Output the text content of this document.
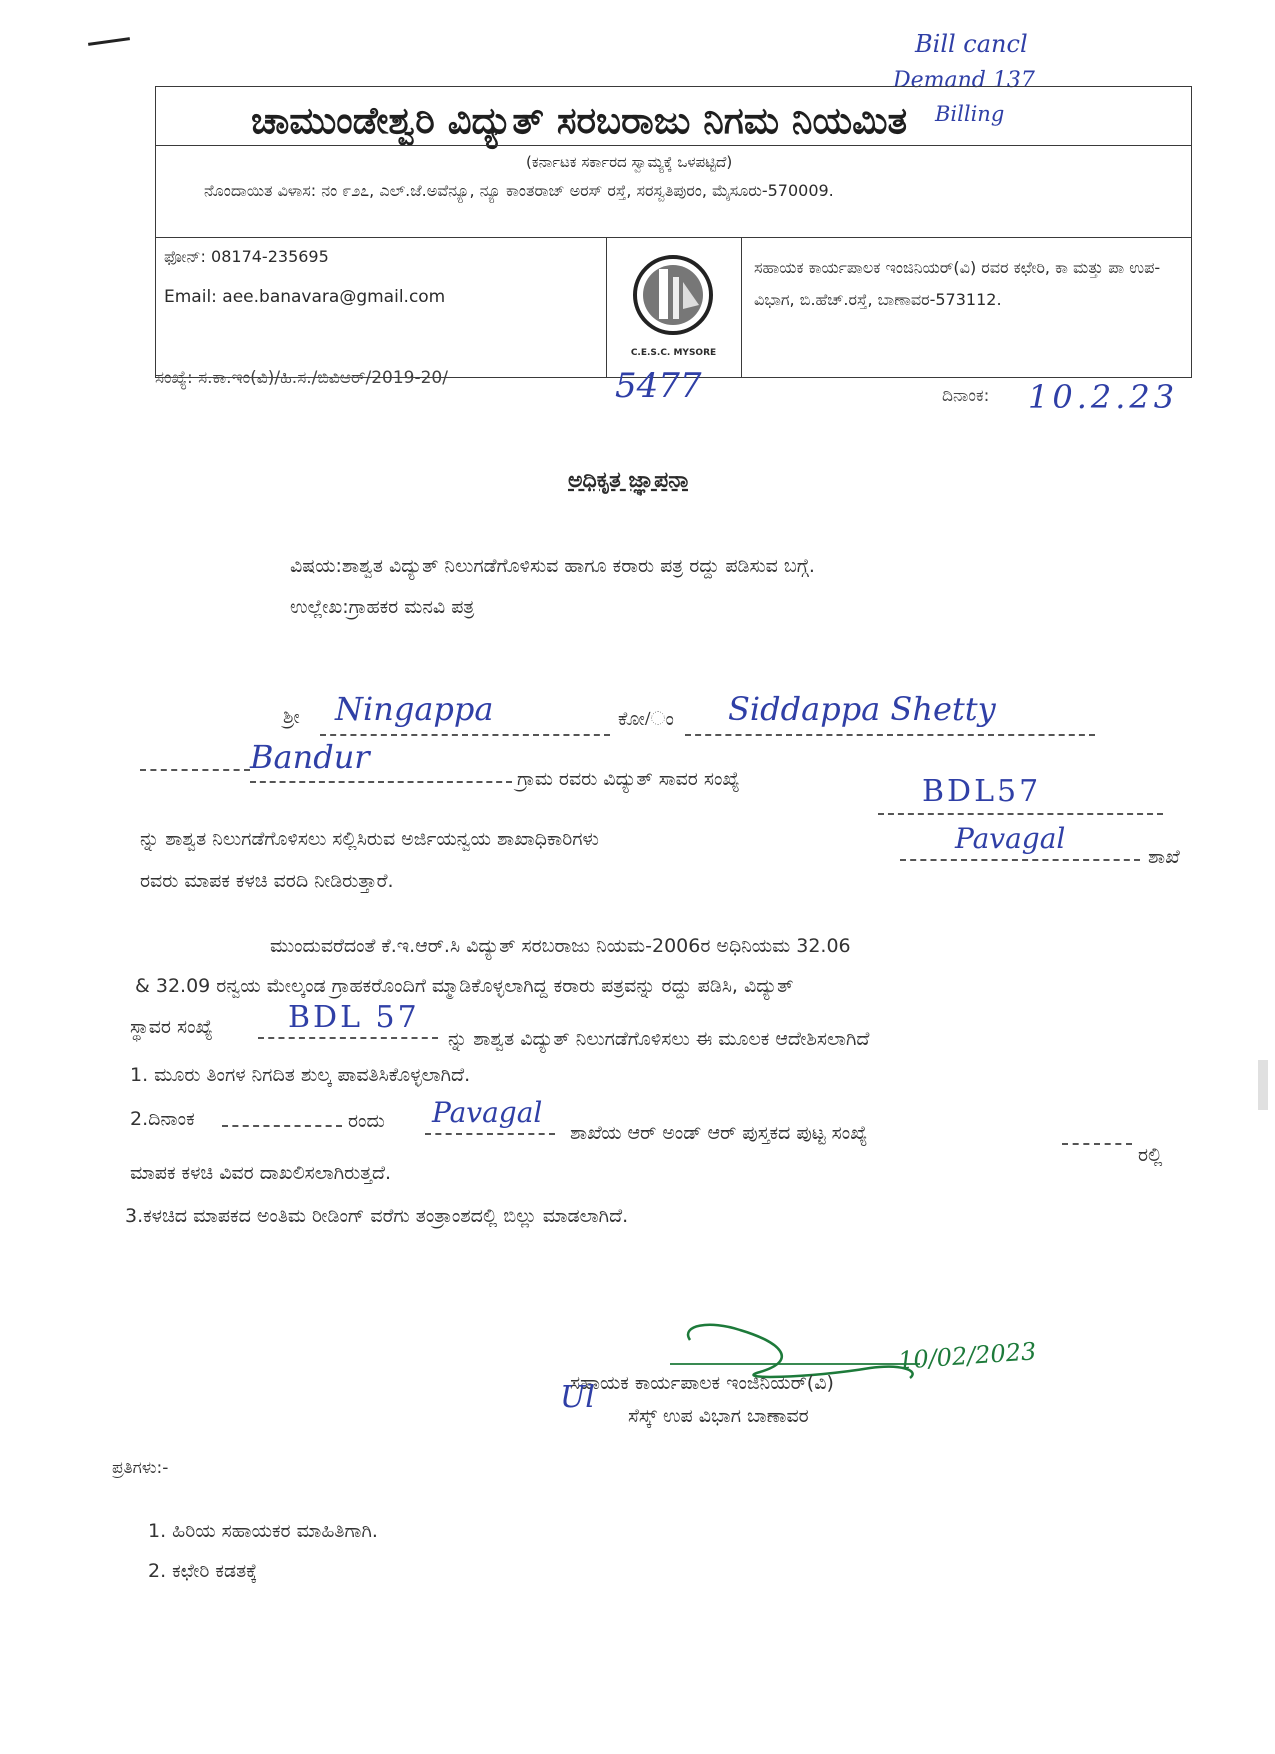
Bill cancl
Demand 137
Billing
ಚಾಮುಂಡೇಶ್ವರಿ ವಿದ್ಯುತ್ ಸರಬರಾಜು ನಿಗಮ ನಿಯಮಿತ
(ಕರ್ನಾಟಕ ಸರ್ಕಾರದ ಸ್ವಾಮ್ಯಕ್ಕೆ ಒಳಪಟ್ಟಿದೆ)
ನೊಂದಾಯಿತ ವಿಳಾಸ: ನಂ ೯೨೭, ಎಲ್.ಜೆ.ಅವೆನ್ಯೂ, ನ್ಯೂ ಕಾಂತರಾಜ್ ಅರಸ್ ರಸ್ತೆ, ಸರಸ್ವತಿಪುರಂ, ಮೈಸೂರು-570009.
ಫೋನ್: 08174-235695
Email: aee.banavara@gmail.com
C.E.S.C. MYSORE
ಸಹಾಯಕ ಕಾರ್ಯಪಾಲಕ ಇಂಜಿನಿಯರ್(ವಿ) ರವರ ಕಛೇರಿ, ಕಾ ಮತ್ತು ಪಾ ಉಪ-ವಿಭಾಗ, ಬಿ.ಹೆಚ್.ರಸ್ತೆ, ಬಾಣಾವರ-573112.
ಸಂಖ್ಯೆ: ಸ.ಕಾ.ಇಂ(ವಿ)/ಹಿ.ಸ./ಬಿವಿಆರ್/2019-20/	5477	ದಿನಾಂಕ: 10.2.23
ಅಧಿಕೃತ ಜ್ಞಾಪನಾ
ವಿಷಯ:ಶಾಶ್ವತ ವಿದ್ಯುತ್ ನಿಲುಗಡೆಗೊಳಿಸುವ ಹಾಗೂ ಕರಾರು ಪತ್ರ ರದ್ದು ಪಡಿಸುವ ಬಗ್ಗೆ.
ಉಲ್ಲೇಖ:ಗ್ರಾಹಕರ ಮನವಿ ಪತ್ರ
ಶ್ರೀ Ningappa	ಕೋ/ಂ Siddappa Shetty
Bandur
ಗ್ರಾಮ ರವರು ವಿದ್ಯುತ್ ಸಾವರ ಸಂಖ್ಯೆ	BDL57
ನ್ನು ಶಾಶ್ವತ ನಿಲುಗಡೆಗೊಳಿಸಲು ಸಲ್ಲಿಸಿರುವ ಅರ್ಜಿಯನ್ವಯ ಶಾಖಾಧಿಕಾರಿಗಳು	Pavagal
ಶಾಖೆ
ರವರು ಮಾಪಕ ಕಳಚಿ ವರದಿ ನೀಡಿರುತ್ತಾರೆ.
ಮುಂದುವರೆದಂತೆ ಕೆ.ಇ.ಆರ್.ಸಿ ವಿದ್ಯುತ್ ಸರಬರಾಜು ನಿಯಮ-2006ರ ಅಧಿನಿಯಮ 32.06
& 32.09 ರನ್ವಯ ಮೇಲ್ಕಂಡ ಗ್ರಾಹಕರೊಂದಿಗೆ ಮ್ಮಾಡಿಕೊಳ್ಳಲಾಗಿದ್ದ ಕರಾರು ಪತ್ರವನ್ನು ರದ್ದು ಪಡಿಸಿ, ವಿದ್ಯುತ್
ಸ್ಥಾವರ ಸಂಖ್ಯೆ	BDL 57
ನ್ನು ಶಾಶ್ವತ ವಿದ್ಯುತ್ ನಿಲುಗಡೆಗೊಳಿಸಲು ಈ ಮೂಲಕ ಆದೇಶಿಸಲಾಗಿದೆ
1. ಮೂರು ತಿಂಗಳ ನಿಗದಿತ ಶುಲ್ಕ ಪಾವತಿಸಿಕೊಳ್ಳಲಾಗಿದೆ.
2.ದಿನಾಂಕ	ರಂದು Pavagal
ಶಾಖೆಯ ಆರ್ ಅಂಡ್ ಆರ್ ಪುಸ್ತಕದ ಪುಟ್ಟ ಸಂಖ್ಯೆ
ರಲ್ಲಿ
ಮಾಪಕ ಕಳಚಿ ವಿವರ ದಾಖಲಿಸಲಾಗಿರುತ್ತದೆ.
3.ಕಳಚಿದ ಮಾಪಕದ ಅಂತಿಮ ರೀಡಿಂಗ್ ವರೆಗು ತಂತ್ರಾಂಶದಲ್ಲಿ ಬಿಲ್ಲು ಮಾಡಲಾಗಿದೆ.
10/02/2023
ಸಹಾಯಕ ಕಾರ್ಯಪಾಲಕ ಇಂಜಿನಿಯರ್(ವಿ)
Ul
ಸೆಸ್ಕ್ ಉಪ ವಿಭಾಗ ಬಾಣಾವರ
ಪ್ರತಿಗಳು:-
1. ಹಿರಿಯ ಸಹಾಯಕರ ಮಾಹಿತಿಗಾಗಿ.
2. ಕಛೇರಿ ಕಡತಕ್ಕೆ
